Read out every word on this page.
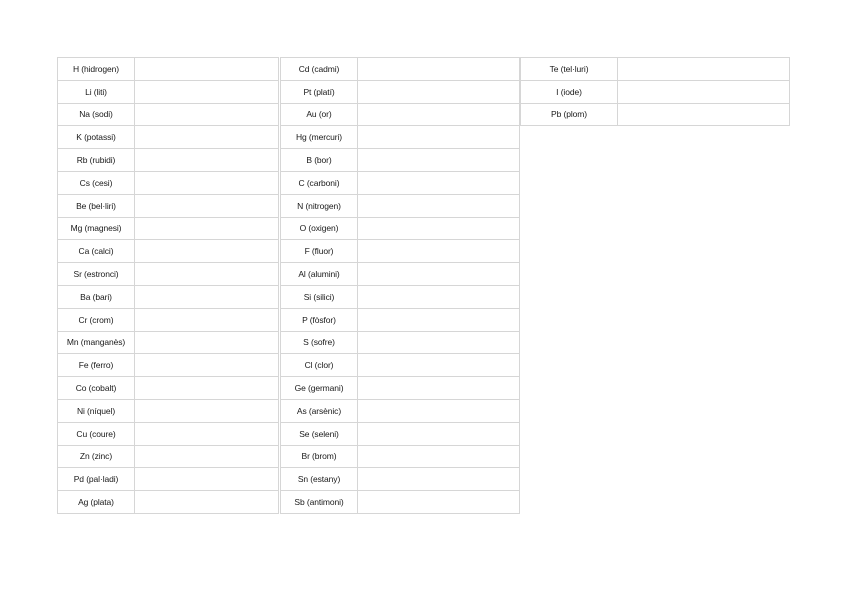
H (hidrogen)
Li (liti)
Na (sodi)
K (potassi)
Rb (rubidi)
Cs (cesi)
Be (bel·liri)
Mg (magnesi)
Ca (calci)
Sr (estronci)
Ba (bari)
Cr (crom)
Mn (manganès)
Fe (ferro)
Co (cobalt)
Ni (níquel)
Cu (coure)
Zn (zinc)
Pd (pal·ladi)
Ag (plata)
Cd (cadmi)
Pt (platí)
Au (or)
Hg (mercuri)
B (bor)
C (carboni)
N (nitrogen)
O (oxigen)
F (fluor)
Al (alumini)
Si (silici)
P (fòsfor)
S (sofre)
Cl (clor)
Ge (germani)
As (arsènic)
Se (seleni)
Br (brom)
Sn (estany)
Sb (antimoni)
Te (tel·luri)
I (iode)
Pb (plom)
